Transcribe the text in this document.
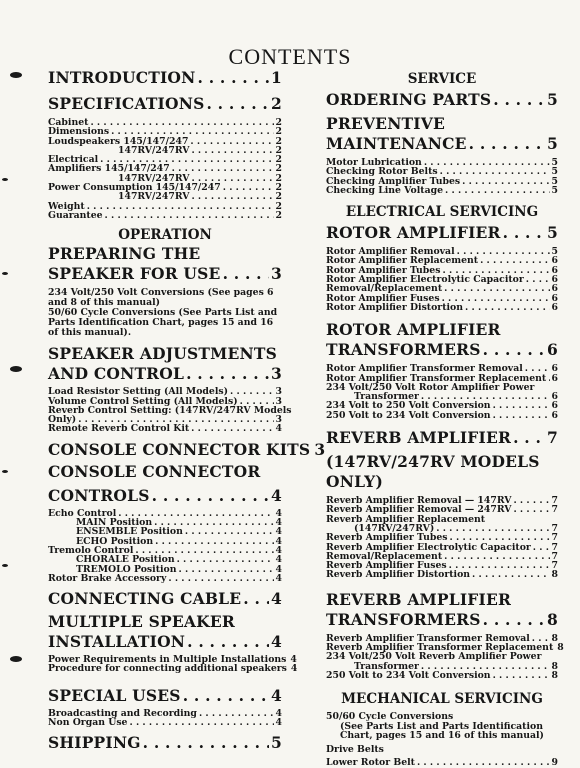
CONTENTS
INTRODUCTION . . .	1
SPECIFICATIONS . . .	2
Cabinet . . .	2
Dimensions . . .	2
Loudspeakers 145/147/247 . . .	2
147RV/247RV . . .	2
Electrical . . .	2
Amplifiers 145/147/247 . . .	2
147RV/247RV . . .	2
Power Consumption 145/147/247 . . .	2
147RV/247RV . . .	2
Weight . . .	2
Guarantee . . .	2
OPERATION
PREPARING THE
SPEAKER FOR USE . . .	3
234 Volt/250 Volt Conversions (See pages 6 and 8 of this manual)
50/60 Cycle Conversions (See Parts List and Parts Identification Chart, pages 15 and 16 of this manual).
SPEAKER ADJUSTMENTS
AND CONTROL . . .	3
Load Resistor Setting (All Models) . . .	3
Volume Control Setting (All Models) . . .	3
Reverb Control Setting: (147RV/247RV Models
Only) . . .	3
Remote Reverb Control Kit . . .	4
CONSOLE CONNECTOR KITS 3
CONSOLE CONNECTOR
CONTROLS . . .	4
Echo Control . . .	4
MAIN Position . . .	4
ENSEMBLE Position . . .	4
ECHO Position . . .	4
Tremolo Control . . .	4
CHORALE Position . . .	4
TREMOLO Position . . .	4
Rotor Brake Accessory . . .	4
CONNECTING CABLE . . . 4
MULTIPLE SPEAKER
INSTALLATION . . .	4
Power Requirements in Multiple Installations 4
Procedure for connecting additional speakers 4
SPECIAL USES . . .	4
Broadcasting and Recording . . .	4
Non Organ Use . . .	4
SHIPPING . . .	5
SERVICE
ORDERING PARTS . . .	5
PREVENTIVE
MAINTENANCE . . .	5
Motor Lubrication . . .	5
Checking Rotor Belts . . .	5
Checking Amplifier Tubes . . .	5
Checking Line Voltage . . .	5
ELECTRICAL SERVICING
ROTOR AMPLIFIER . . .	5
Rotor Amplifier Removal . . .	5
Rotor Amplifier Replacement . . .	6
Rotor Amplifier Tubes . . .	6
Rotor Amplifier Electrolytic Capacitor . . .	6
Removal/Replacement . . .	6
Rotor Amplifier Fuses . . .	6
Rotor Amplifier Distortion . . .	6
ROTOR AMPLIFIER
TRANSFORMERS . . .	6
Rotor Amplifier Transformer Removal . . .	6
Rotor Amplifier Transformer Replacement . . . 6
234 Volt/250 Volt Rotor Amplifier Power
Transformer . . .	6
234 Volt to 250 Volt Conversion . . .	6
250 Volt to 234 Volt Conversion . . .	6
REVERB AMPLIFIER . . . 7
(147RV/247RV MODELS ONLY)
Reverb Amplifier Removal — 147RV . . .	7
Reverb Amplifier Removal — 247RV . . .	7
Reverb Amplifier Replacement
(147RV/247RV) . . .	7
Reverb Amplifier Tubes . . .	7
Reverb Amplifier Electrolytic Capacitor . . . 7
Removal/Replacement . . .	7
Reverb Amplifier Fuses . . .	7
Reverb Amplifier Distortion . . .	8
REVERB AMPLIFIER
TRANSFORMERS . . .	8
Reverb Amplifier Transformer Removal . . . 8
Reverb Amplifier Transformer Replacement 8
234 Volt/250 Volt Reverb Amplifier Power
Transformer . . .	8
250 Volt to 234 Volt Conversion . . .	8
MECHANICAL SERVICING
50/60 Cycle Conversions
(See Parts List and Parts Identification
Chart, pages 15 and 16 of this manual)
Drive Belts
Lower Rotor Belt . . .	9
